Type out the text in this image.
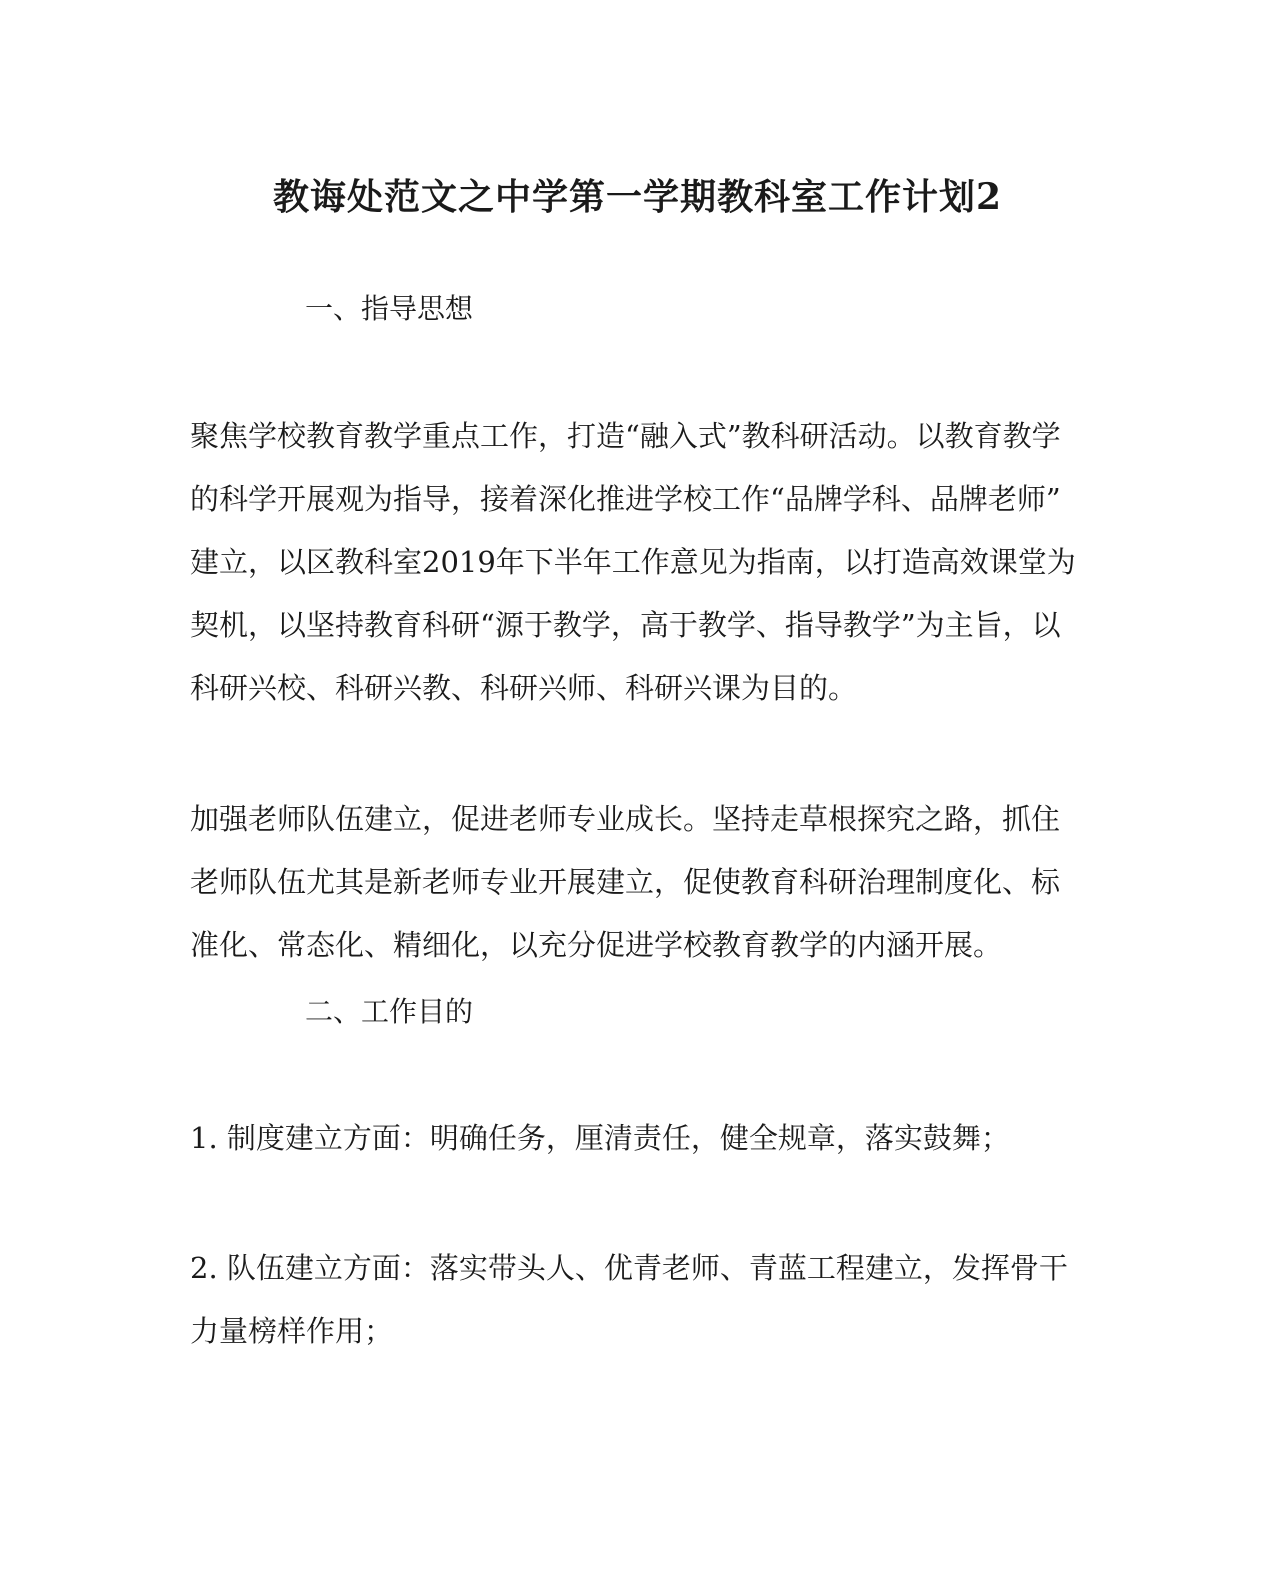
教诲处范文之中学第一学期教科室工作计划2
一、指导思想

聚焦学校教育教学重点工作，打造“融入式”教科研活动。以教育教学
的科学开展观为指导，接着深化推进学校工作“品牌学科、品牌老师”
建立，以区教科室2019年下半年工作意见为指南，以打造高效课堂为
契机，以坚持教育科研“源于教学，高于教学、指导教学”为主旨，以
科研兴校、科研兴教、科研兴师、科研兴课为目的。

加强老师队伍建立，促进老师专业成长。坚持走草根探究之路，抓住
老师队伍尤其是新老师专业开展建立，促使教育科研治理制度化、标
准化、常态化、精细化，以充分促进学校教育教学的内涵开展。

二、工作目的

1. 制度建立方面：明确任务，厘清责任，健全规章，落实鼓舞；

2. 队伍建立方面：落实带头人、优青老师、青蓝工程建立，发挥骨干
力量榜样作用；
